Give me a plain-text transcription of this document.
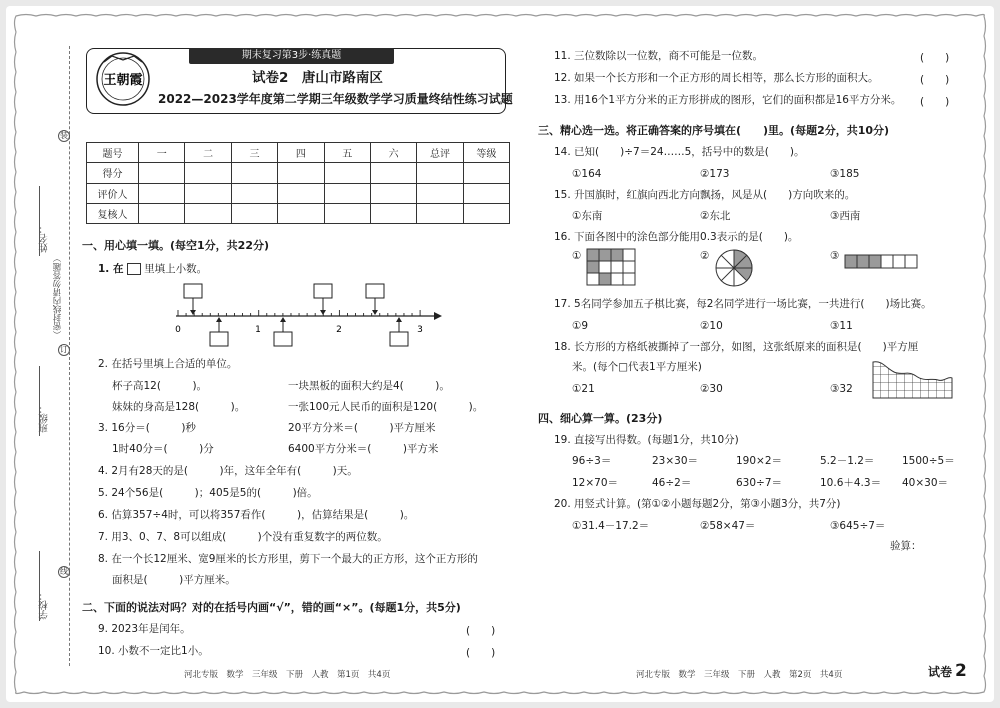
姓名：
班级：
学校：
（密封线内请勿答题）
装
订
线
期末复习第3步·练真题
王朝霞	试卷2　唐山市路南区
2022—2023学年度第二学期三年级数学学习质量终结性练习试题
题号	一	二	三	四	五	六	总评	等级
得分								
评价人								
复核人								
一、用心填一填。(每空1分，共22分)
1. 在 里填上小数。
0	1	2	3
2. 在括号里填上合适的单位。
杯子高12(　　　)。	一块黑板的面积大约是4(　　　)。
妹妹的身高是128(　　　)。	一张100元人民币的面积是120(　　　)。
3. 16分＝(　　　)秒	20平方分米＝(　　　)平方厘米
1时40分＝(　　　)分	6400平方分米＝(　　　)平方米
4. 2月有28天的是(　　　)年，这年全年有(　　　)天。
5. 24个56是(　　　)；405是5的(　　　)倍。
6. 估算357÷4时，可以将357看作(　　　)，估算结果是(　　　)。
7. 用3、0、7、8可以组成(　　　)个没有重复数字的两位数。
8. 在一个长12厘米、宽9厘米的长方形里，剪下一个最大的正方形，这个正方形的
面积是(　　　)平方厘米。
二、下面的说法对吗？对的在括号内画“√”，错的画“×”。(每题1分，共5分)
9. 2023年是闰年。	(　　)
10. 小数不一定比1小。	(　　)
河北专版　数学　三年级　下册　人教　第1页　共4页
11. 三位数除以一位数，商不可能是一位数。	(　　)
12. 如果一个长方形和一个正方形的周长相等，那么长方形的面积大。	(　　)
13. 用16个1平方分米的正方形拼成的图形，它们的面积都是16平方分米。 (　　)
三、精心选一选。将正确答案的序号填在(　　)里。(每题2分，共10分)
14. 已知(　　)÷7＝24……5，括号中的数是(　　)。
①164	②173	③185
15. 升国旗时，红旗向西北方向飘扬，风是从(　　)方向吹来的。
①东南	②东北	③西南
16. 下面各图中的涂色部分能用0.3表示的是(　　)。
①	②	③
17. 5名同学参加五子棋比赛，每2名同学进行一场比赛，一共进行(　　)场比赛。
①9	②10	③11
18. 长方形的方格纸被撕掉了一部分，如图，这张纸原来的面积是(　　)平方厘
米。(每个□代表1平方厘米)
①21	②30	③32
四、细心算一算。(23分)
19. 直接写出得数。(每题1分，共10分)
96÷3＝	23×30＝	190×2＝	5.2－1.2＝	1500÷5＝
12×70＝	46÷2＝	630÷7＝	10.6＋4.3＝ 40×30＝
20. 用竖式计算。(第①②小题每题2分，第③小题3分，共7分)
①31.4－17.2＝	②58×47＝	③645÷7＝
验算：
河北专版　数学　三年级　下册　人教　第2页　共4页	试卷 2
